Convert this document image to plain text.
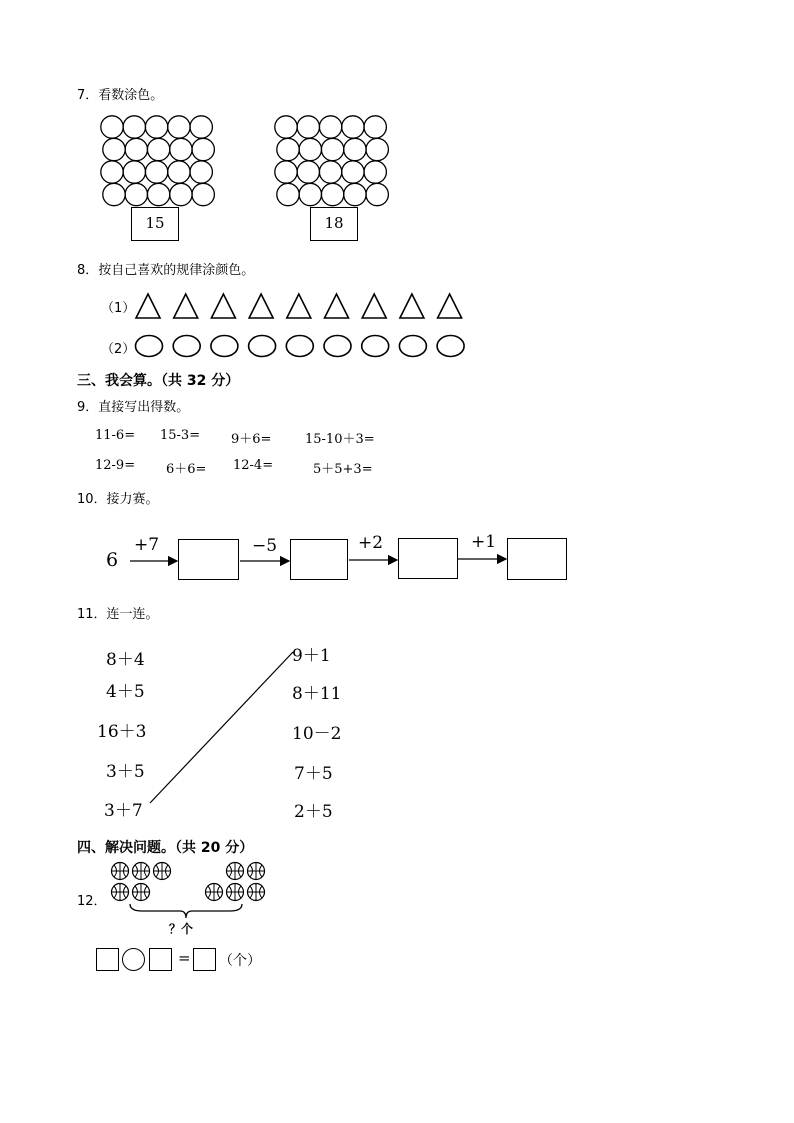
7．看数涂色。
15	18
8．按自己喜欢的规律涂颜色。
（1）
（2）
三、我会算。（共 32 分）
9．直接写出得数。
11-6= 15-3= 9＋6=	15-10＋3=
12-9= 6＋6= 12-4=	5＋5+3=
10．接力赛。
6
+7	−5	+2	+1
11．连一连。
8＋4
4＋5
16＋3
3＋5
3＋7
9＋1
8＋11
10－2
7＋5
2＋5
四、解决问题。（共 20 分）
12．
？个
= （个）
